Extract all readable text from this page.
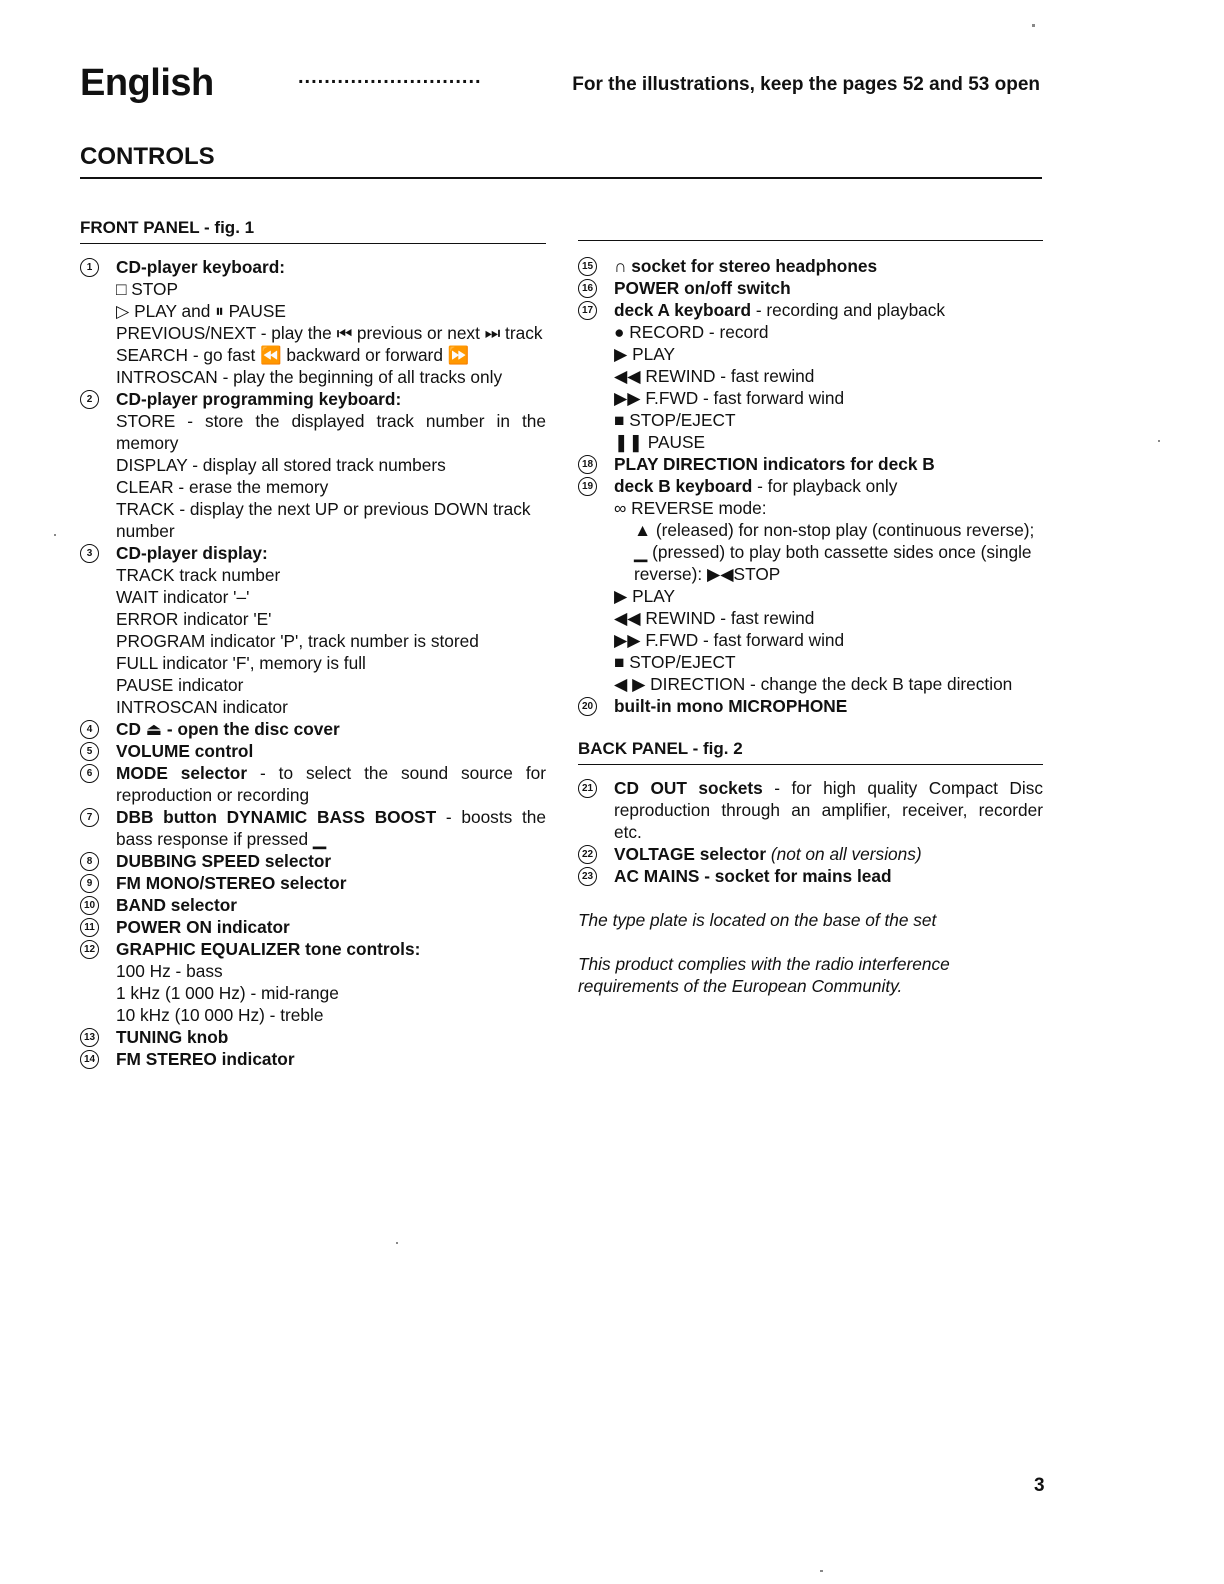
English	............................	For the illustrations, keep the pages 52 and 53 open
CONTROLS
FRONT PANEL - fig. 1
1	CD-player keyboard:
□ STOP
▷ PLAY and ⏸ PAUSE
PREVIOUS/NEXT - play the ⏮ previous or next ⏭ track
SEARCH - go fast ⏪ backward or forward ⏩
INTROSCAN - play the beginning of all tracks only
2	CD-player programming keyboard:
STORE - store the displayed track number in the memory
DISPLAY - display all stored track numbers
CLEAR - erase the memory
TRACK - display the next UP or previous DOWN track number
3	CD-player display:
TRACK track number
WAIT indicator '–'
ERROR indicator 'E'
PROGRAM indicator 'P', track number is stored
FULL indicator 'F', memory is full
PAUSE indicator
INTROSCAN indicator
4	CD ⏏ - open the disc cover
5	VOLUME control
6	MODE selector - to select the sound source for reproduction or recording
7	DBB button DYNAMIC BASS BOOST - boosts the bass response if pressed ▁
8	DUBBING SPEED selector
9	FM MONO/STEREO selector
10 BAND selector
11 POWER ON indicator
12 GRAPHIC EQUALIZER tone controls:
100 Hz - bass
1 kHz (1 000 Hz) - mid-range
10 kHz (10 000 Hz) - treble
13 TUNING knob
14 FM STEREO indicator
15 ∩ socket for stereo headphones
16 POWER on/off switch
17 deck A keyboard - recording and playback
● RECORD - record
▶ PLAY
◀◀ REWIND - fast rewind
▶▶ F.FWD - fast forward wind
■ STOP/EJECT
❚❚ PAUSE
18 PLAY DIRECTION indicators for deck B
19 deck B keyboard - for playback only
∞ REVERSE mode:
▲ (released) for non-stop play (continuous reverse);
▁ (pressed) to play both cassette sides once (single reverse): ▶◀STOP
▶ PLAY
◀◀ REWIND - fast rewind
▶▶ F.FWD - fast forward wind
■ STOP/EJECT
◀ ▶ DIRECTION - change the deck B tape direction
20 built-in mono MICROPHONE
BACK PANEL - fig. 2
21 CD OUT sockets - for high quality Compact Disc reproduction through an amplifier, receiver, recorder etc.
22 VOLTAGE selector (not on all versions)
23 AC MAINS - socket for mains lead
The type plate is located on the base of the set
This product complies with the radio interference requirements of the European Community.
3
